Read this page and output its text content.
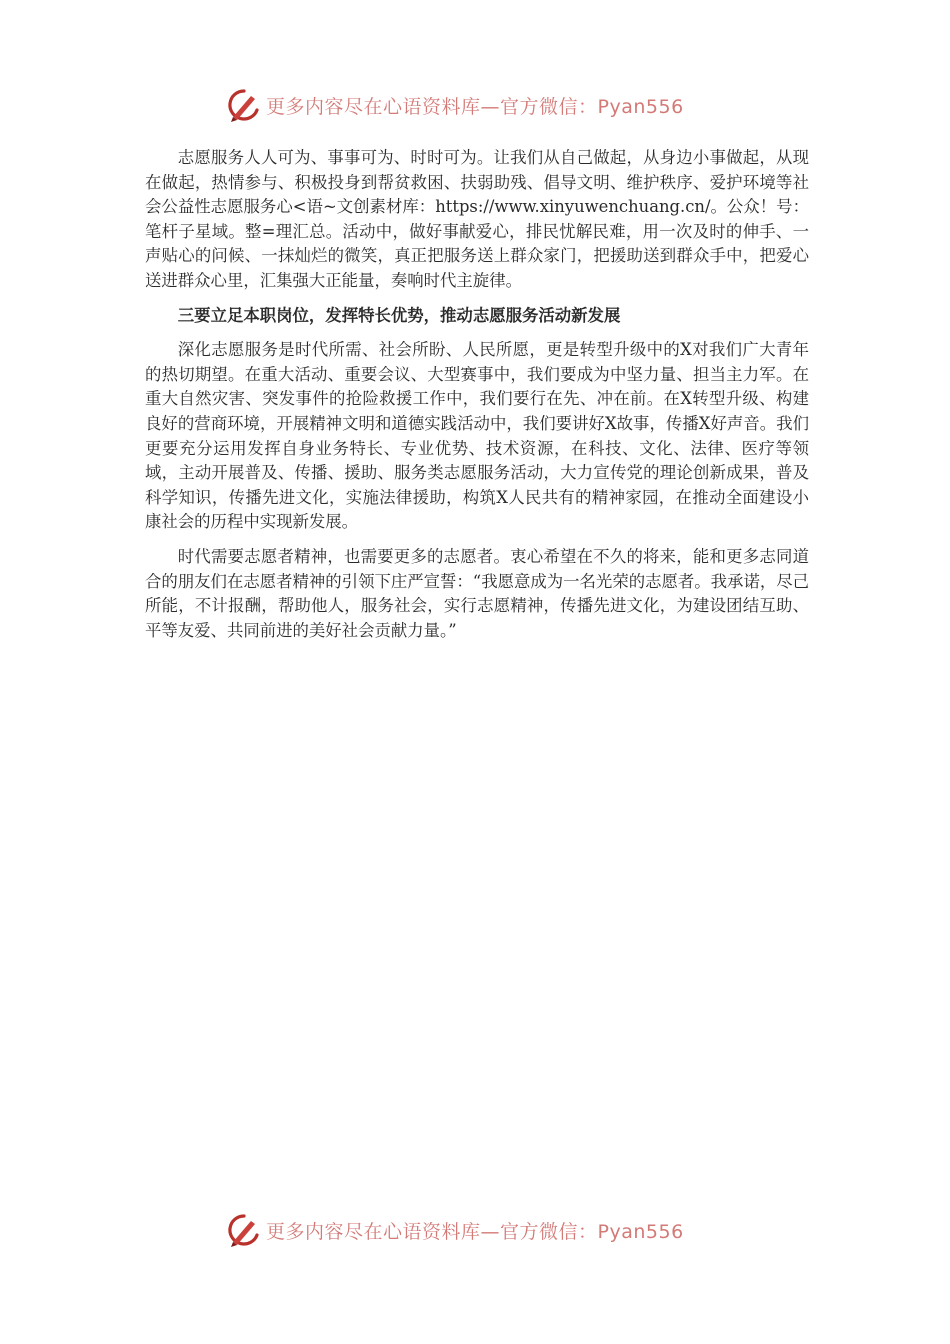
更多内容尽在心语资料库—官方微信：Pyan556

志愿服务人人可为、事事可为、时时可为。让我们从自己做起，从身边小事做起，从现在做起，热情参与、积极投身到帮贫救困、扶弱助残、倡导文明、维护秩序、爱护环境等社会公益性志愿服务心<语~文创素材库：https://www.xinyuwenchuang.cn/。公众！号：笔杆子星域。整=理汇总。活动中，做好事献爱心，排民忧解民难，用一次及时的伸手、一声贴心的问候、一抹灿烂的微笑，真正把服务送上群众家门，把援助送到群众手中，把爱心送进群众心里，汇集强大正能量，奏响时代主旋律。

三要立足本职岗位，发挥特长优势，推动志愿服务活动新发展

深化志愿服务是时代所需、社会所盼、人民所愿，更是转型升级中的X对我们广大青年的热切期望。在重大活动、重要会议、大型赛事中，我们要成为中坚力量、担当主力军。在重大自然灾害、突发事件的抢险救援工作中，我们要行在先、冲在前。在X转型升级、构建良好的营商环境，开展精神文明和道德实践活动中，我们要讲好X故事，传播X好声音。我们更要充分运用发挥自身业务特长、专业优势、技术资源，在科技、文化、法律、医疗等领域，主动开展普及、传播、援助、服务类志愿服务活动，大力宣传党的理论创新成果，普及科学知识，传播先进文化，实施法律援助，构筑X人民共有的精神家园，在推动全面建设小康社会的历程中实现新发展。

时代需要志愿者精神，也需要更多的志愿者。衷心希望在不久的将来，能和更多志同道合的朋友们在志愿者精神的引领下庄严宣誓：“我愿意成为一名光荣的志愿者。我承诺，尽己所能，不计报酬，帮助他人，服务社会，实行志愿精神，传播先进文化，为建设团结互助、平等友爱、共同前进的美好社会贡献力量。”

更多内容尽在心语资料库—官方微信：Pyan556
